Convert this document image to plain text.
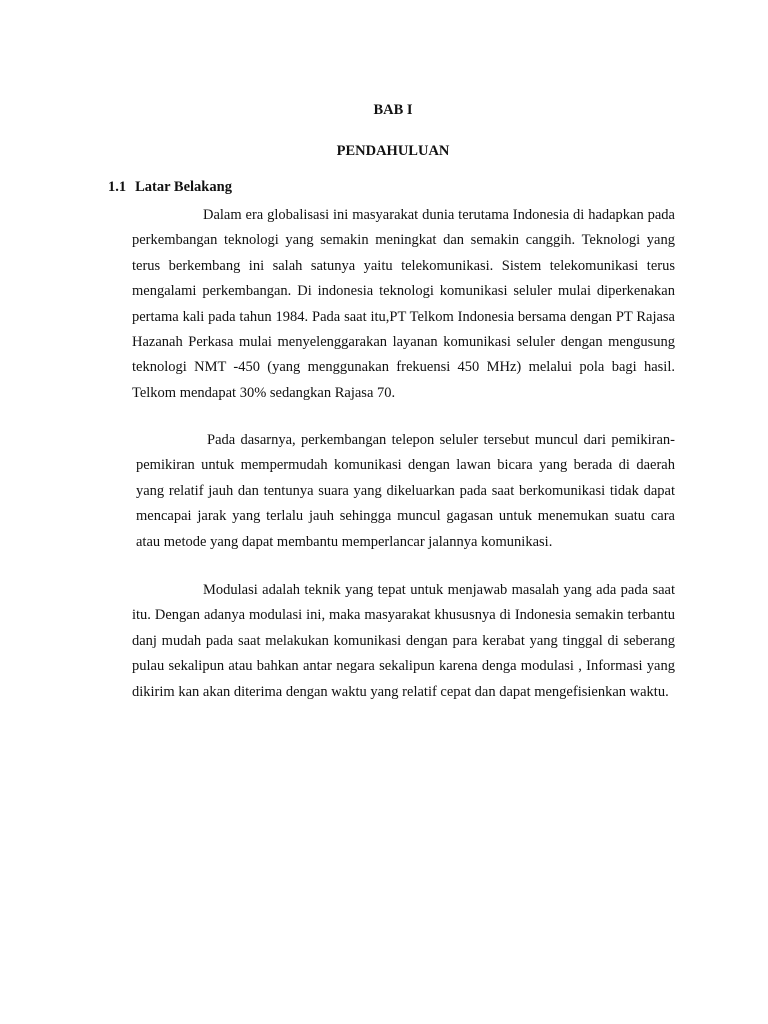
BAB I
PENDAHULUAN
1.1 Latar Belakang

Dalam era globalisasi ini masyarakat dunia terutama Indonesia di hadapkan pada perkembangan teknologi yang semakin meningkat dan semakin canggih. Teknologi yang terus berkembang ini salah satunya yaitu telekomunikasi. Sistem telekomunikasi terus mengalami perkembangan. Di indonesia teknologi komunikasi seluler mulai diperkenakan pertama kali pada tahun 1984. Pada saat itu,PT Telkom Indonesia bersama dengan PT Rajasa Hazanah Perkasa mulai menyelenggarakan layanan komunikasi seluler dengan mengusung teknologi NMT -450 (yang menggunakan frekuensi 450 MHz) melalui pola bagi hasil. Telkom mendapat 30% sedangkan Rajasa 70.

Pada dasarnya, perkembangan telepon seluler tersebut muncul dari pemikiran-pemikiran untuk mempermudah komunikasi dengan lawan bicara yang berada di daerah yang relatif jauh dan tentunya suara yang dikeluarkan pada saat berkomunikasi tidak dapat mencapai jarak yang terlalu jauh sehingga muncul gagasan untuk menemukan suatu cara atau metode yang dapat membantu memperlancar jalannya komunikasi.

Modulasi adalah teknik yang tepat untuk menjawab masalah yang ada pada saat itu. Dengan adanya modulasi ini, maka masyarakat khususnya di Indonesia semakin terbantu danj mudah pada saat melakukan komunikasi dengan para kerabat yang tinggal di seberang pulau sekalipun atau bahkan antar negara sekalipun karena denga modulasi , Informasi yang dikirim kan akan diterima dengan waktu yang relatif cepat dan dapat mengefisienkan waktu.
